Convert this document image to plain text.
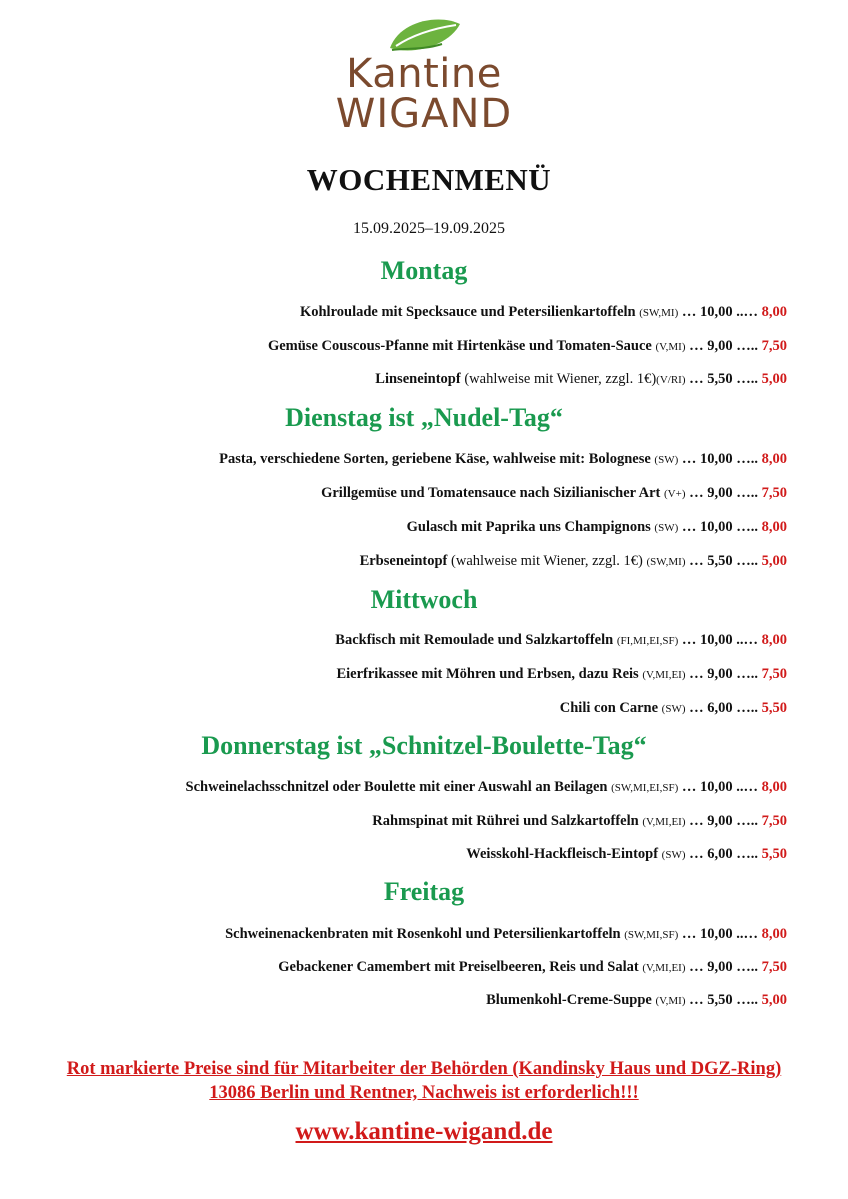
Kantine
WIGAND
WOCHENMENÜ
15.09.2025–19.09.2025
Montag
Kohlroulade mit Specksauce und Petersilienkartoffeln (SW,MI) … 10,00 ..… 8,00
Gemüse Couscous-Pfanne mit Hirtenkäse und Tomaten-Sauce (V,MI) … 9,00 ….. 7,50
Linseneintopf (wahlweise mit Wiener, zzgl. 1€)(V/RI) … 5,50 ….. 5,00
Dienstag ist „Nudel-Tag“
Pasta, verschiedene Sorten, geriebene Käse, wahlweise mit: Bolognese (SW) … 10,00 ….. 8,00
Grillgemüse und Tomatensauce nach Sizilianischer Art (V+) … 9,00 ….. 7,50
Gulasch mit Paprika uns Champignons (SW) … 10,00 ….. 8,00
Erbseneintopf (wahlweise mit Wiener, zzgl. 1€) (SW,MI) … 5,50 ….. 5,00
Mittwoch
Backfisch mit Remoulade und Salzkartoffeln (FI,MI,EI,SF) … 10,00 ..… 8,00
Eierfrikassee mit Möhren und Erbsen, dazu Reis (V,MI,EI) … 9,00 ….. 7,50
Chili con Carne (SW) … 6,00 ….. 5,50
Donnerstag ist „Schnitzel-Boulette-Tag“
Schweinelachsschnitzel oder Boulette mit einer Auswahl an Beilagen (SW,MI,EI,SF) … 10,00 ..… 8,00
Rahmspinat mit Rührei und Salzkartoffeln (V,MI,EI) … 9,00 ….. 7,50
Weisskohl-Hackfleisch-Eintopf (SW) … 6,00 ….. 5,50
Freitag
Schweinenackenbraten mit Rosenkohl und Petersilienkartoffeln (SW,MI,SF) … 10,00 ..… 8,00
Gebackener Camembert mit Preiselbeeren, Reis und Salat (V,MI,EI) … 9,00 ….. 7,50
Blumenkohl-Creme-Suppe (V,MI) … 5,50 ….. 5,00
Rot markierte Preise sind für Mitarbeiter der Behörden (Kandinsky Haus und DGZ-Ring)
13086 Berlin und Rentner, Nachweis ist erforderlich!!!
www.kantine-wigand.de
